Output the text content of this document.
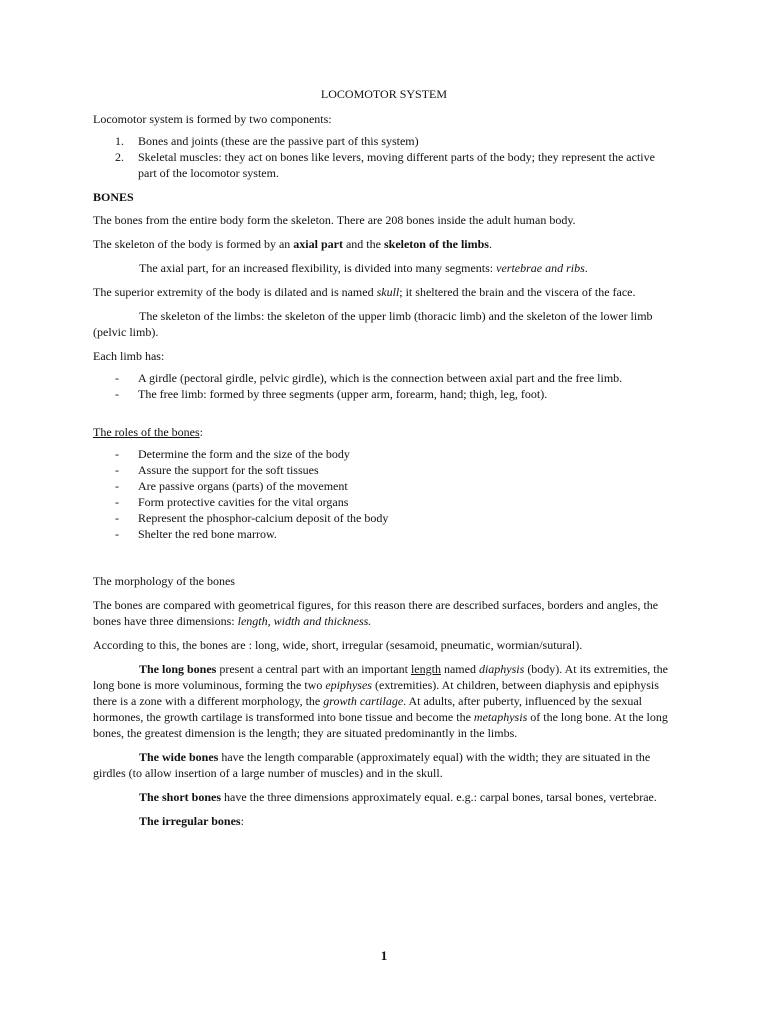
LOCOMOTOR SYSTEM

Locomotor system is formed by two components:

1. Bones and joints (these are the passive part of this system)
2. Skeletal muscles: they act on bones like levers, moving different parts of the body; they represent the active part of the locomotor system.

BONES

The bones from the entire body form the skeleton. There are 208 bones inside the adult human body.

The skeleton of the body is formed by an axial part and the skeleton of the limbs.

The axial part, for an increased flexibility, is divided into many segments: vertebrae and ribs.

The superior extremity of the body is dilated and is named skull; it sheltered the brain and the viscera of the face.

The skeleton of the limbs: the skeleton of the upper limb (thoracic limb) and the skeleton of the lower limb (pelvic limb).

Each limb has:

- A girdle (pectoral girdle, pelvic girdle), which is the connection between axial part and the free limb.
- The free limb: formed by three segments (upper arm, forearm, hand; thigh, leg, foot).

The roles of the bones:

- Determine the form and the size of the body
- Assure the support for the soft tissues
- Are passive organs (parts) of the movement
- Form protective cavities for the vital organs
- Represent the phosphor-calcium deposit of the body
- Shelter the red bone marrow.

The morphology of the bones

The bones are compared with geometrical figures, for this reason there are described surfaces, borders and angles, the bones have three dimensions: length, width and thickness.

According to this, the bones are : long, wide, short, irregular (sesamoid, pneumatic, wormian/sutural).

The long bones present a central part with an important length named diaphysis (body). At its extremities, the long bone is more voluminous, forming the two epiphyses (extremities). At children, between diaphysis and epiphysis there is a zone with a different morphology, the growth cartilage. At adults, after puberty, influenced by the sexual hormones, the growth cartilage is transformed into bone tissue and become the metaphysis of the long bone. At the long bones, the greatest dimension is the length; they are situated predominantly in the limbs.

The wide bones have the length comparable (approximately equal) with the width; they are situated in the girdles (to allow insertion of a large number of muscles) and in the skull.

The short bones have the three dimensions approximately equal. e.g.: carpal bones, tarsal bones, vertebrae.

The irregular bones:

1
